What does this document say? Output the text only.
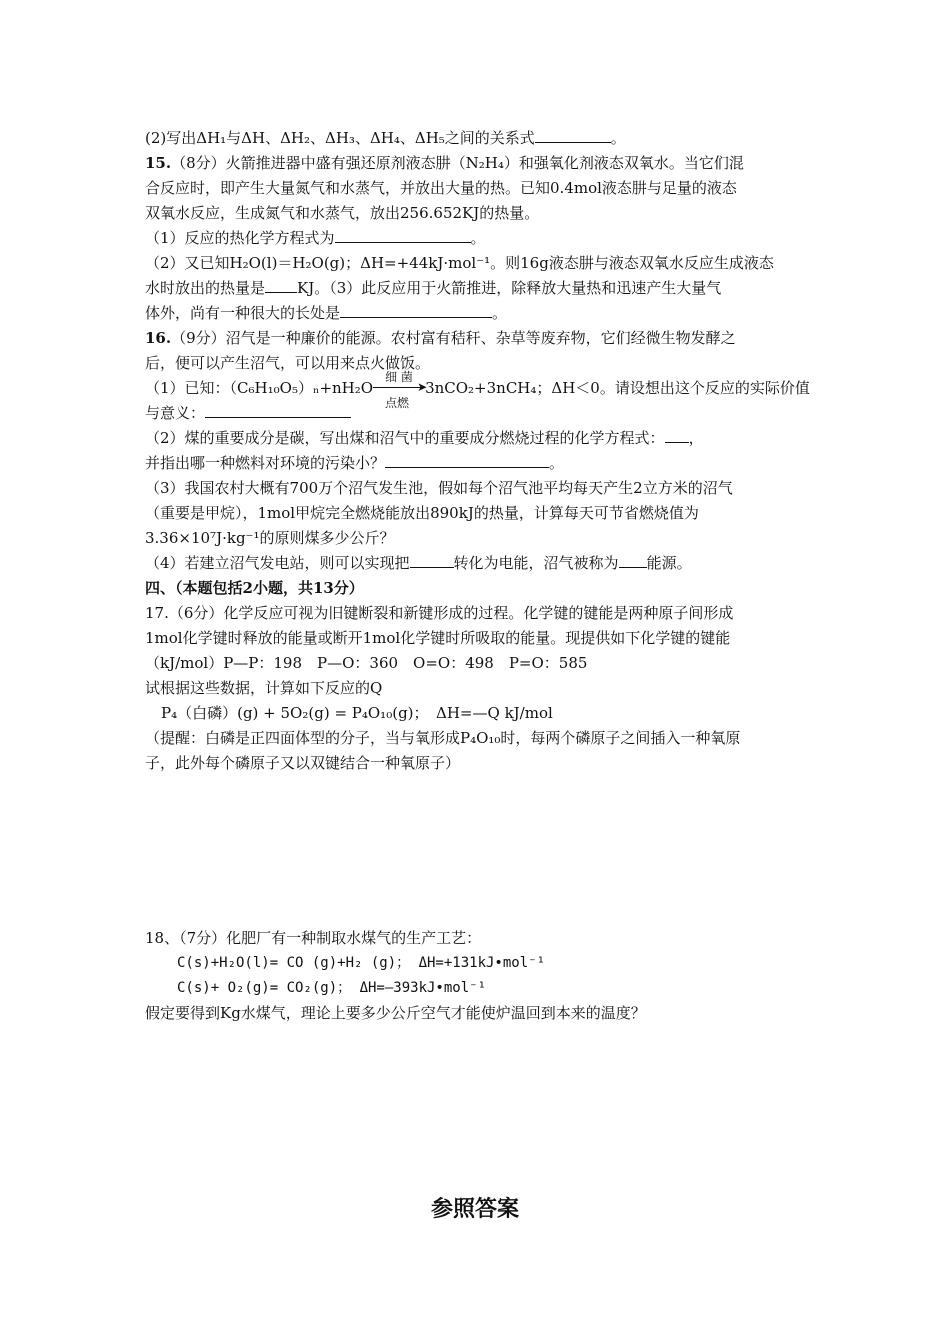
(2)写出ΔH₁与ΔH、ΔH₂、ΔH₃、ΔH₄、ΔH₅之间的关系式	。
15.（8分）火箭推进器中盛有强还原剂液态肼（N₂H₄）和强氧化剂液态双氧水。当它们混
合反应时，即产生大量氮气和水蒸气，并放出大量的热。已知0.4mol液态肼与足量的液态
双氧水反应，生成氮气和水蒸气，放出256.652KJ的热量。
（1）反应的热化学方程式为	。
（2）又已知H₂O(l)＝H₂O(g)；ΔH=+44kJ·mol⁻¹。则16g液态肼与液态双氧水反应生成液态
水时放出的热量是 KJ。（3）此反应用于火箭推进，除释放大量热和迅速产生大量气
体外，尚有一种很大的长处是	。
16.（9分）沼气是一种廉价的能源。农村富有秸秆、杂草等废弃物，它们经微生物发酵之
后，便可以产生沼气，可以用来点火做饭。
（1）已知：（C₆H₁₀O₅）ₙ+nH₂O
细 菌
➤
3nCO₂+3nCH₄；ΔH＜0。请设想出这个反应的实际价值
与意义：
点燃
（2）煤的重要成分是碳，写出煤和沼气中的重要成分燃烧过程的化学方程式： ，
并指出哪一种燃料对环境的污染小？	。
（3）我国农村大概有700万个沼气发生池，假如每个沼气池平均每天产生2立方米的沼气
（重要是甲烷），1mol甲烷完全燃烧能放出890kJ的热量，计算每天可节省燃烧值为
3.36×10⁷J·kg⁻¹的原则煤多少公斤？
（4）若建立沼气发电站，则可以实现把	转化为电能，沼气被称为 能源。
四、（本题包括2小题，共13分）
17.（6分）化学反应可视为旧键断裂和新键形成的过程。化学键的键能是两种原子间形成
1mol化学键时释放的能量或断开1mol化学键时所吸取的能量。现提供如下化学键的键能
（kJ/mol）P—P：198　P—O：360　O=O：498　P=O：585
试根据这些数据，计算如下反应的Q
P₄（白磷）(g) + 5O₂(g) = P₄O₁₀(g)；　ΔH=—Q kJ/mol
（提醒：白磷是正四面体型的分子，当与氧形成P₄O₁₀时，每两个磷原子之间插入一种氧原
子，此外每个磷原子又以双键结合一种氧原子）
18、（7分）化肥厂有一种制取水煤气的生产工艺：
C(s)+H₂O(l)= CO (g)+H₂ (g)； ΔH=+131kJ•mol⁻¹
C(s)+ O₂(g)= CO₂(g)； ΔH=—393kJ•mol⁻¹
假定要得到Kg水煤气，理论上要多少公斤空气才能使炉温回到本来的温度？
参照答案
